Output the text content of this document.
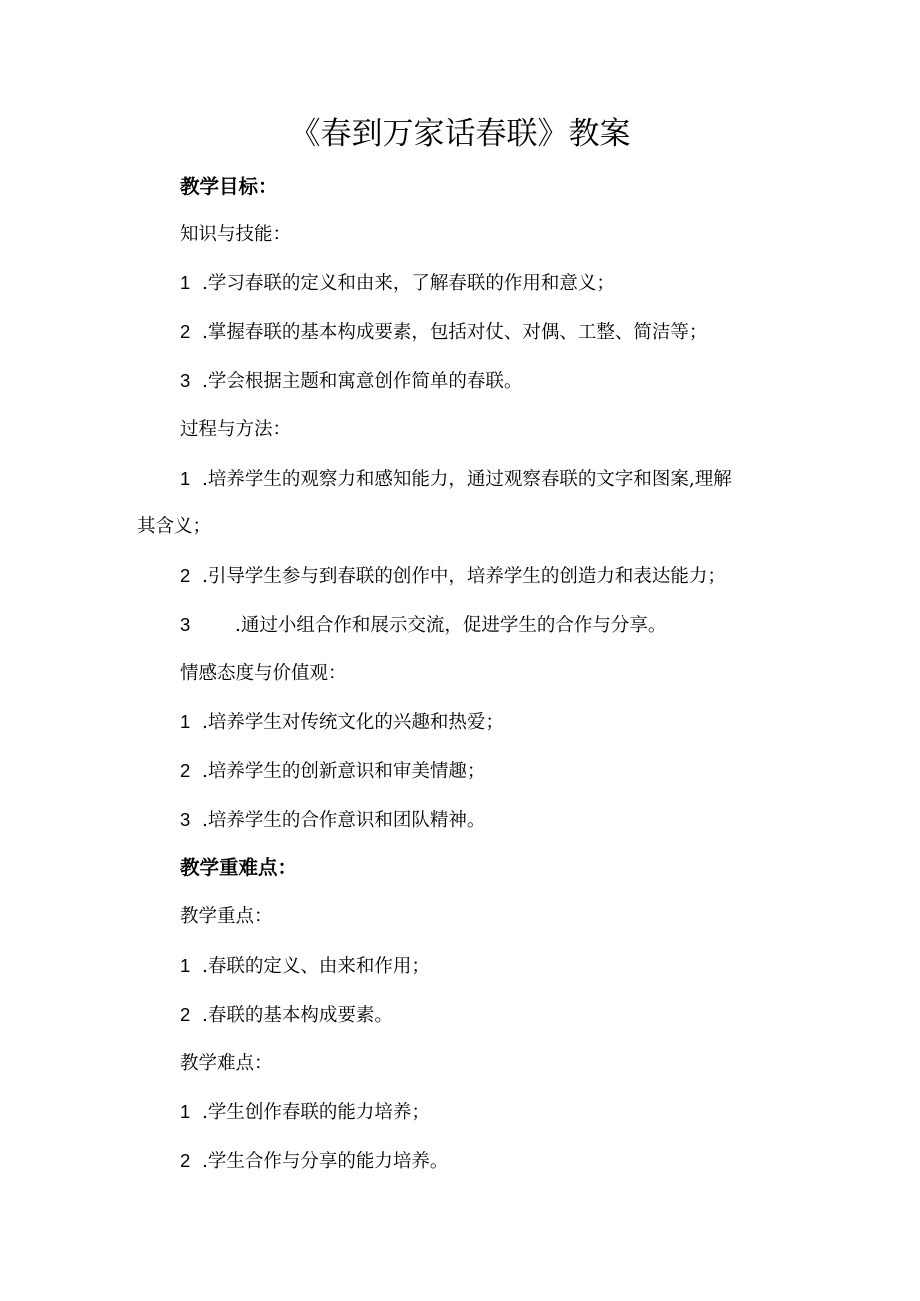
《春到万家话春联》教案
教学目标：
知识与技能：
1 .学习春联的定义和由来，了解春联的作用和意义；
2 .掌握春联的基本构成要素，包括对仗、对偶、工整、简洁等；
3 .学会根据主题和寓意创作简单的春联。
过程与方法：
1 .培养学生的观察力和感知能力，通过观察春联的文字和图案,理解
其含义；
2 .引导学生参与到春联的创作中，培养学生的创造力和表达能力；
3 .通过小组合作和展示交流，促进学生的合作与分享。
情感态度与价值观：
1 .培养学生对传统文化的兴趣和热爱；
2 .培养学生的创新意识和审美情趣；
3 .培养学生的合作意识和团队精神。
教学重难点：
教学重点：
1 .春联的定义、由来和作用；
2 .春联的基本构成要素。
教学难点：
1 .学生创作春联的能力培养；
2 .学生合作与分享的能力培养。
